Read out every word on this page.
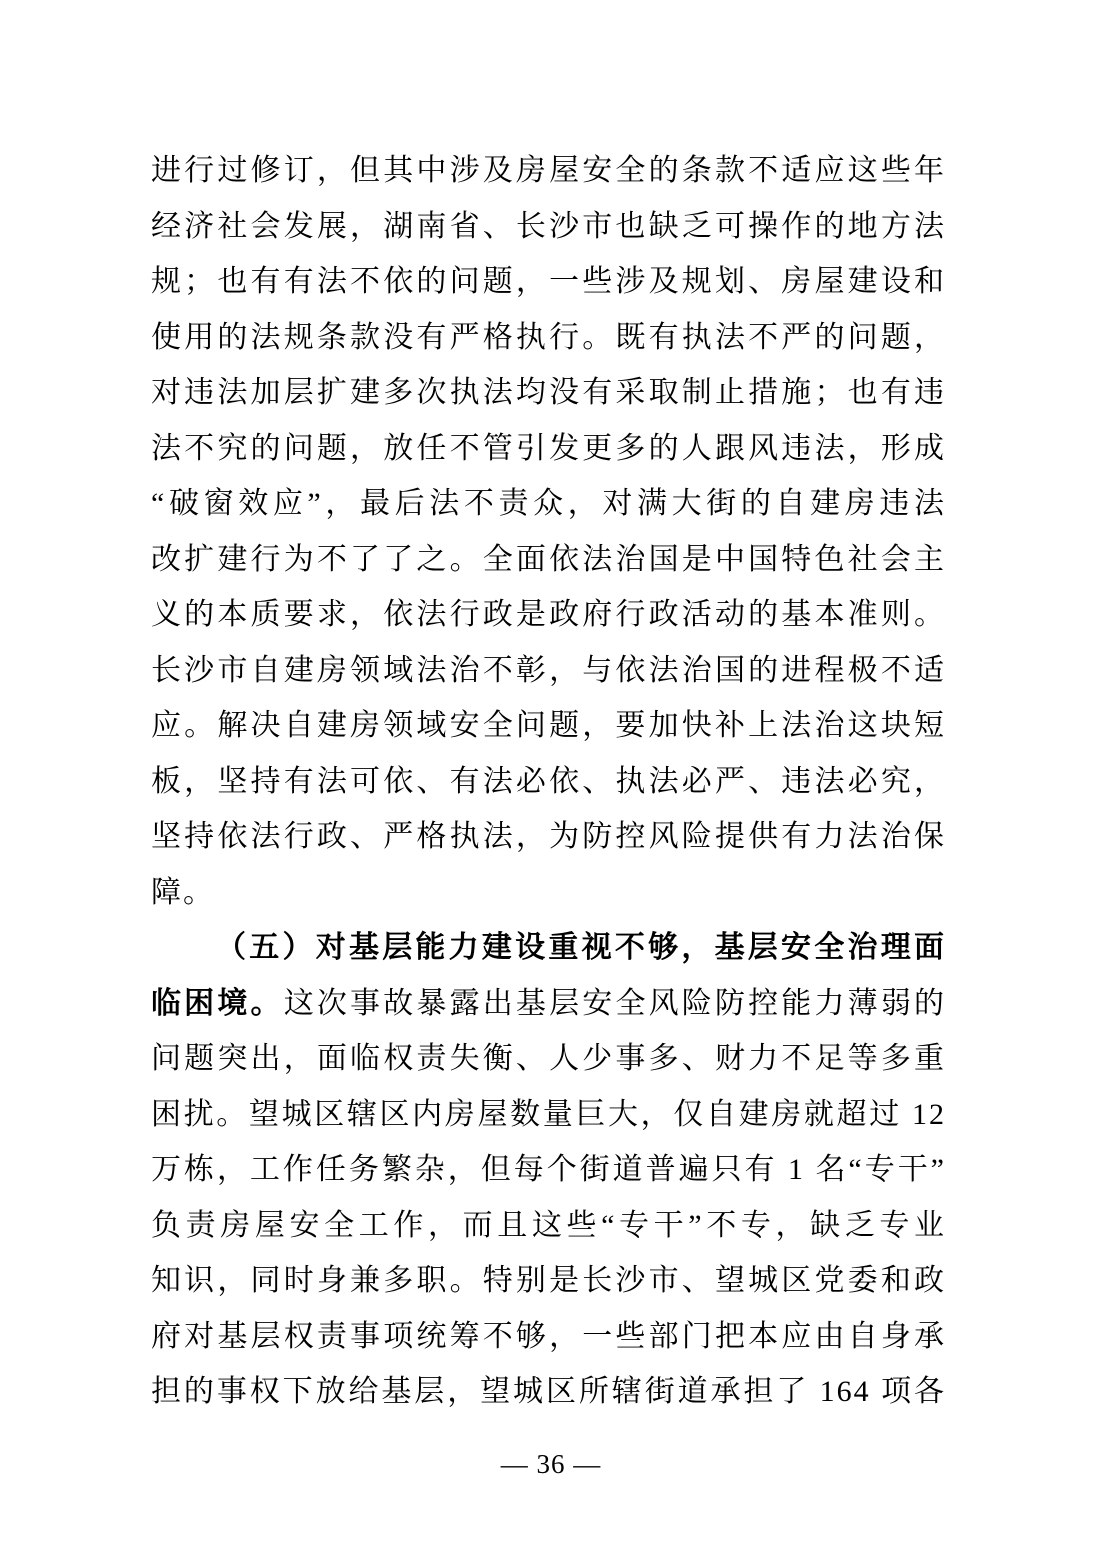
进行过修订，但其中涉及房屋安全的条款不适应这些年
经济社会发展，湖南省、长沙市也缺乏可操作的地方法
规；也有有法不依的问题，一些涉及规划、房屋建设和
使用的法规条款没有严格执行。既有执法不严的问题，
对违法加层扩建多次执法均没有采取制止措施；也有违
法不究的问题，放任不管引发更多的人跟风违法，形成
“破窗效应”，最后法不责众，对满大街的自建房违法
改扩建行为不了了之。全面依法治国是中国特色社会主
义的本质要求，依法行政是政府行政活动的基本准则。
长沙市自建房领域法治不彰，与依法治国的进程极不适
应。解决自建房领域安全问题，要加快补上法治这块短
板，坚持有法可依、有法必依、执法必严、违法必究，
坚持依法行政、严格执法，为防控风险提供有力法治保
障。
（五）对基层能力建设重视不够，基层安全治理面
临困境。这次事故暴露出基层安全风险防控能力薄弱的
问题突出，面临权责失衡、人少事多、财力不足等多重
困扰。望城区辖区内房屋数量巨大，仅自建房就超过 12
万栋，工作任务繁杂，但每个街道普遍只有 1 名“专干”
负责房屋安全工作，而且这些“专干”不专，缺乏专业
知识，同时身兼多职。特别是长沙市、望城区党委和政
府对基层权责事项统筹不够，一些部门把本应由自身承
担的事权下放给基层，望城区所辖街道承担了 164 项各
— 36 —
